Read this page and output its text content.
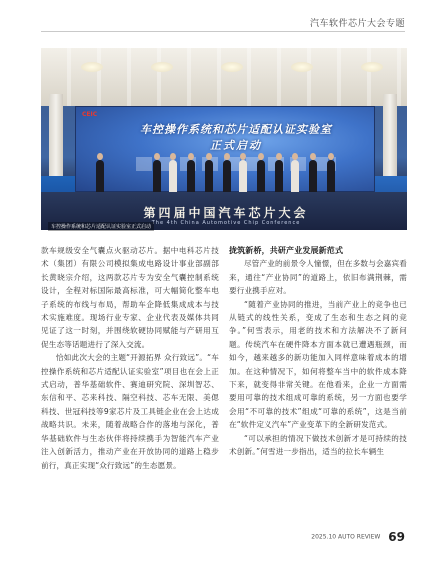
汽车软件芯片大会专题
CEIC
车控操作系统和芯片适配认证实验室
正式启动
第四届中国汽车芯片大会
The 4th China Automotive Chip Conference
车控操作系统和芯片适配认证实验室正式启动

款车规级安全气囊点火驱动芯片。据中电科芯片技术（集团）有限公司模拟集成电路设计事业部副部长黄晓宗介绍，这两款芯片专为安全气囊控制系统设计，全程对标国际最高标准，可大幅简化整车电子系统的布线与布局，帮助车企降低集成成本与技术实施难度。现场行业专家、企业代表及媒体共同见证了这一时刻，并围绕软硬协同赋能与产研用互促生态等话题进行了深入交流。

恰如此次大会的主题“开源拓界 众行致远”。“车控操作系统和芯片适配认证实验室”项目也在会上正式启动，普华基础软件、赛迪研究院、深圳智芯、东信和平、芯来科技、隔空科技、芯车无限、美偲科技、世冠科技等9家芯片及工具链企业在会上达成战略共识。未来，随着战略合作的落地与深化，普华基础软件与生态伙伴将持续携手为智能汽车产业注入创新活力，推动产业在开放协同的道路上稳步前行，真正实现“众行致远”的生态愿景。

拢筑新桥，共研产业发展新范式

尽管产业的前景令人憧憬，但在多数与会嘉宾看来，通往“产业协同”的道路上，依旧布满荆棘，需要行业携手应对。

“随着产业协同的推进，当前产业上的竞争也已从链式的线性关系，变成了生态和生态之间的竞争。”何雪表示，用老的技术和方法解决不了新问题。传统汽车在硬件降本方面本就已遭遇瓶颈，而如今，越来越多的新功能加入同样意味着成本的增加。在这种情况下，如何将整车当中的软件成本降下来，就变得非常关键。在他看来，企业一方面需要用可靠的技术组成可靠的系统，另一方面也要学会用“不可靠的技术”组成“可靠的系统”，这是当前在“软件定义汽车”产业变革下的全新研发范式。

“可以承担的情况下做技术创新才是可持续的技术创新。”何雪进一步指出，适当的拉长车辆生

2025.10 AUTO REVIEW 69
